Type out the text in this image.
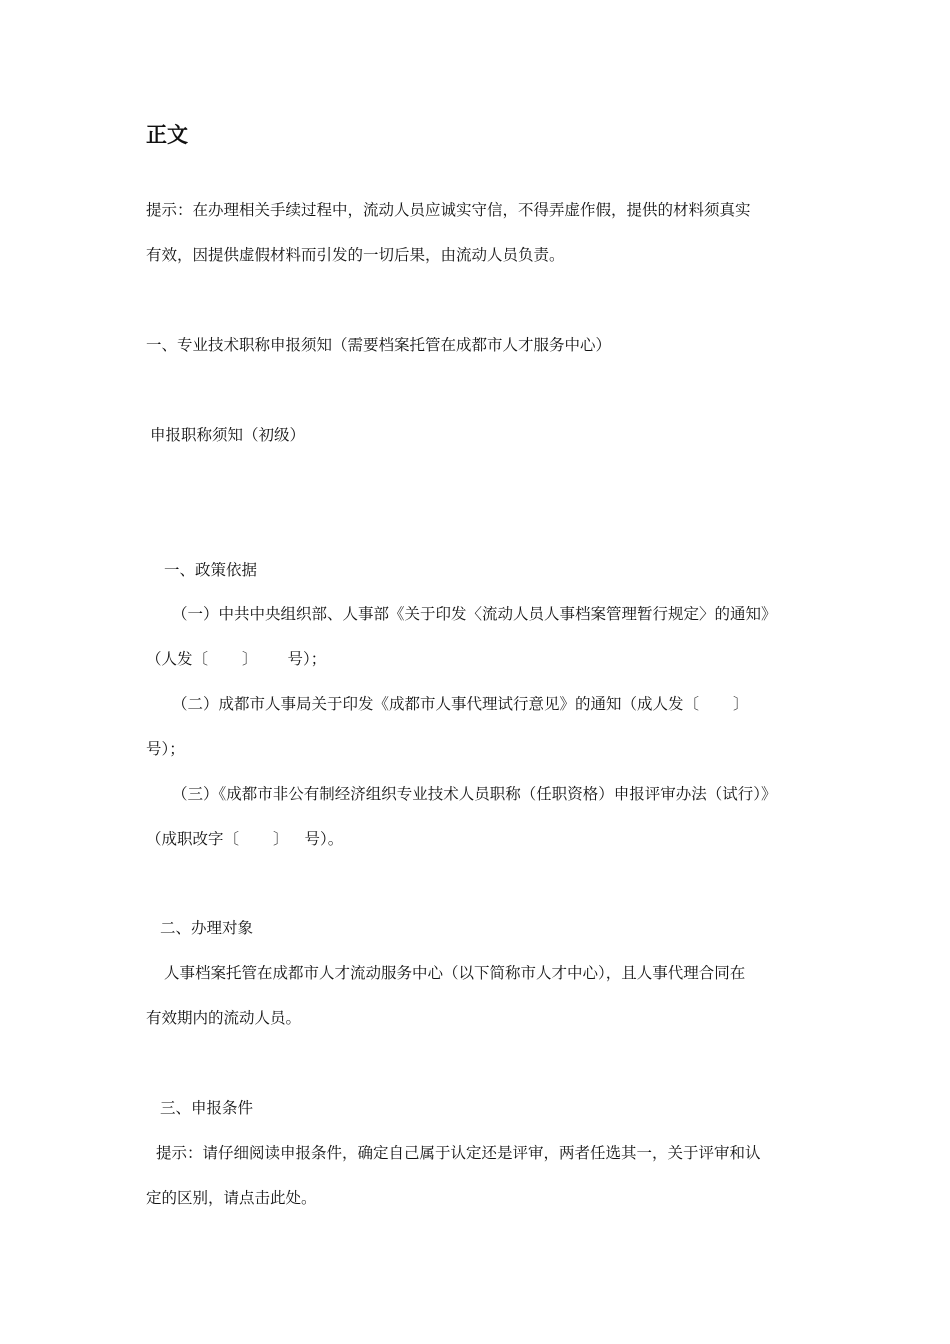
正文

提示：在办理相关手续过程中，流动人员应诚实守信，不得弄虚作假，提供的材料须真实

有效，因提供虚假材料而引发的一切后果，由流动人员负责。

一、专业技术职称申报须知（需要档案托管在成都市人才服务中心）

申报职称须知（初级）

一、政策依据

（一）中共中央组织部、人事部《关于印发〈流动人员人事档案管理暂行规定〉的通知》

（人发〔 〕 号）；

（二）成都市人事局关于印发《成都市人事代理试行意见》的通知（成人发〔 〕

号）；

（三）《成都市非公有制经济组织专业技术人员职称（任职资格）申报评审办法（试行）》

（成职改字〔 〕 号）。

二、办理对象

人事档案托管在成都市人才流动服务中心（以下简称市人才中心），且人事代理合同在

有效期内的流动人员。

三、申报条件

提示：请仔细阅读申报条件，确定自己属于认定还是评审，两者任选其一，关于评审和认

定的区别，请点击此处。
